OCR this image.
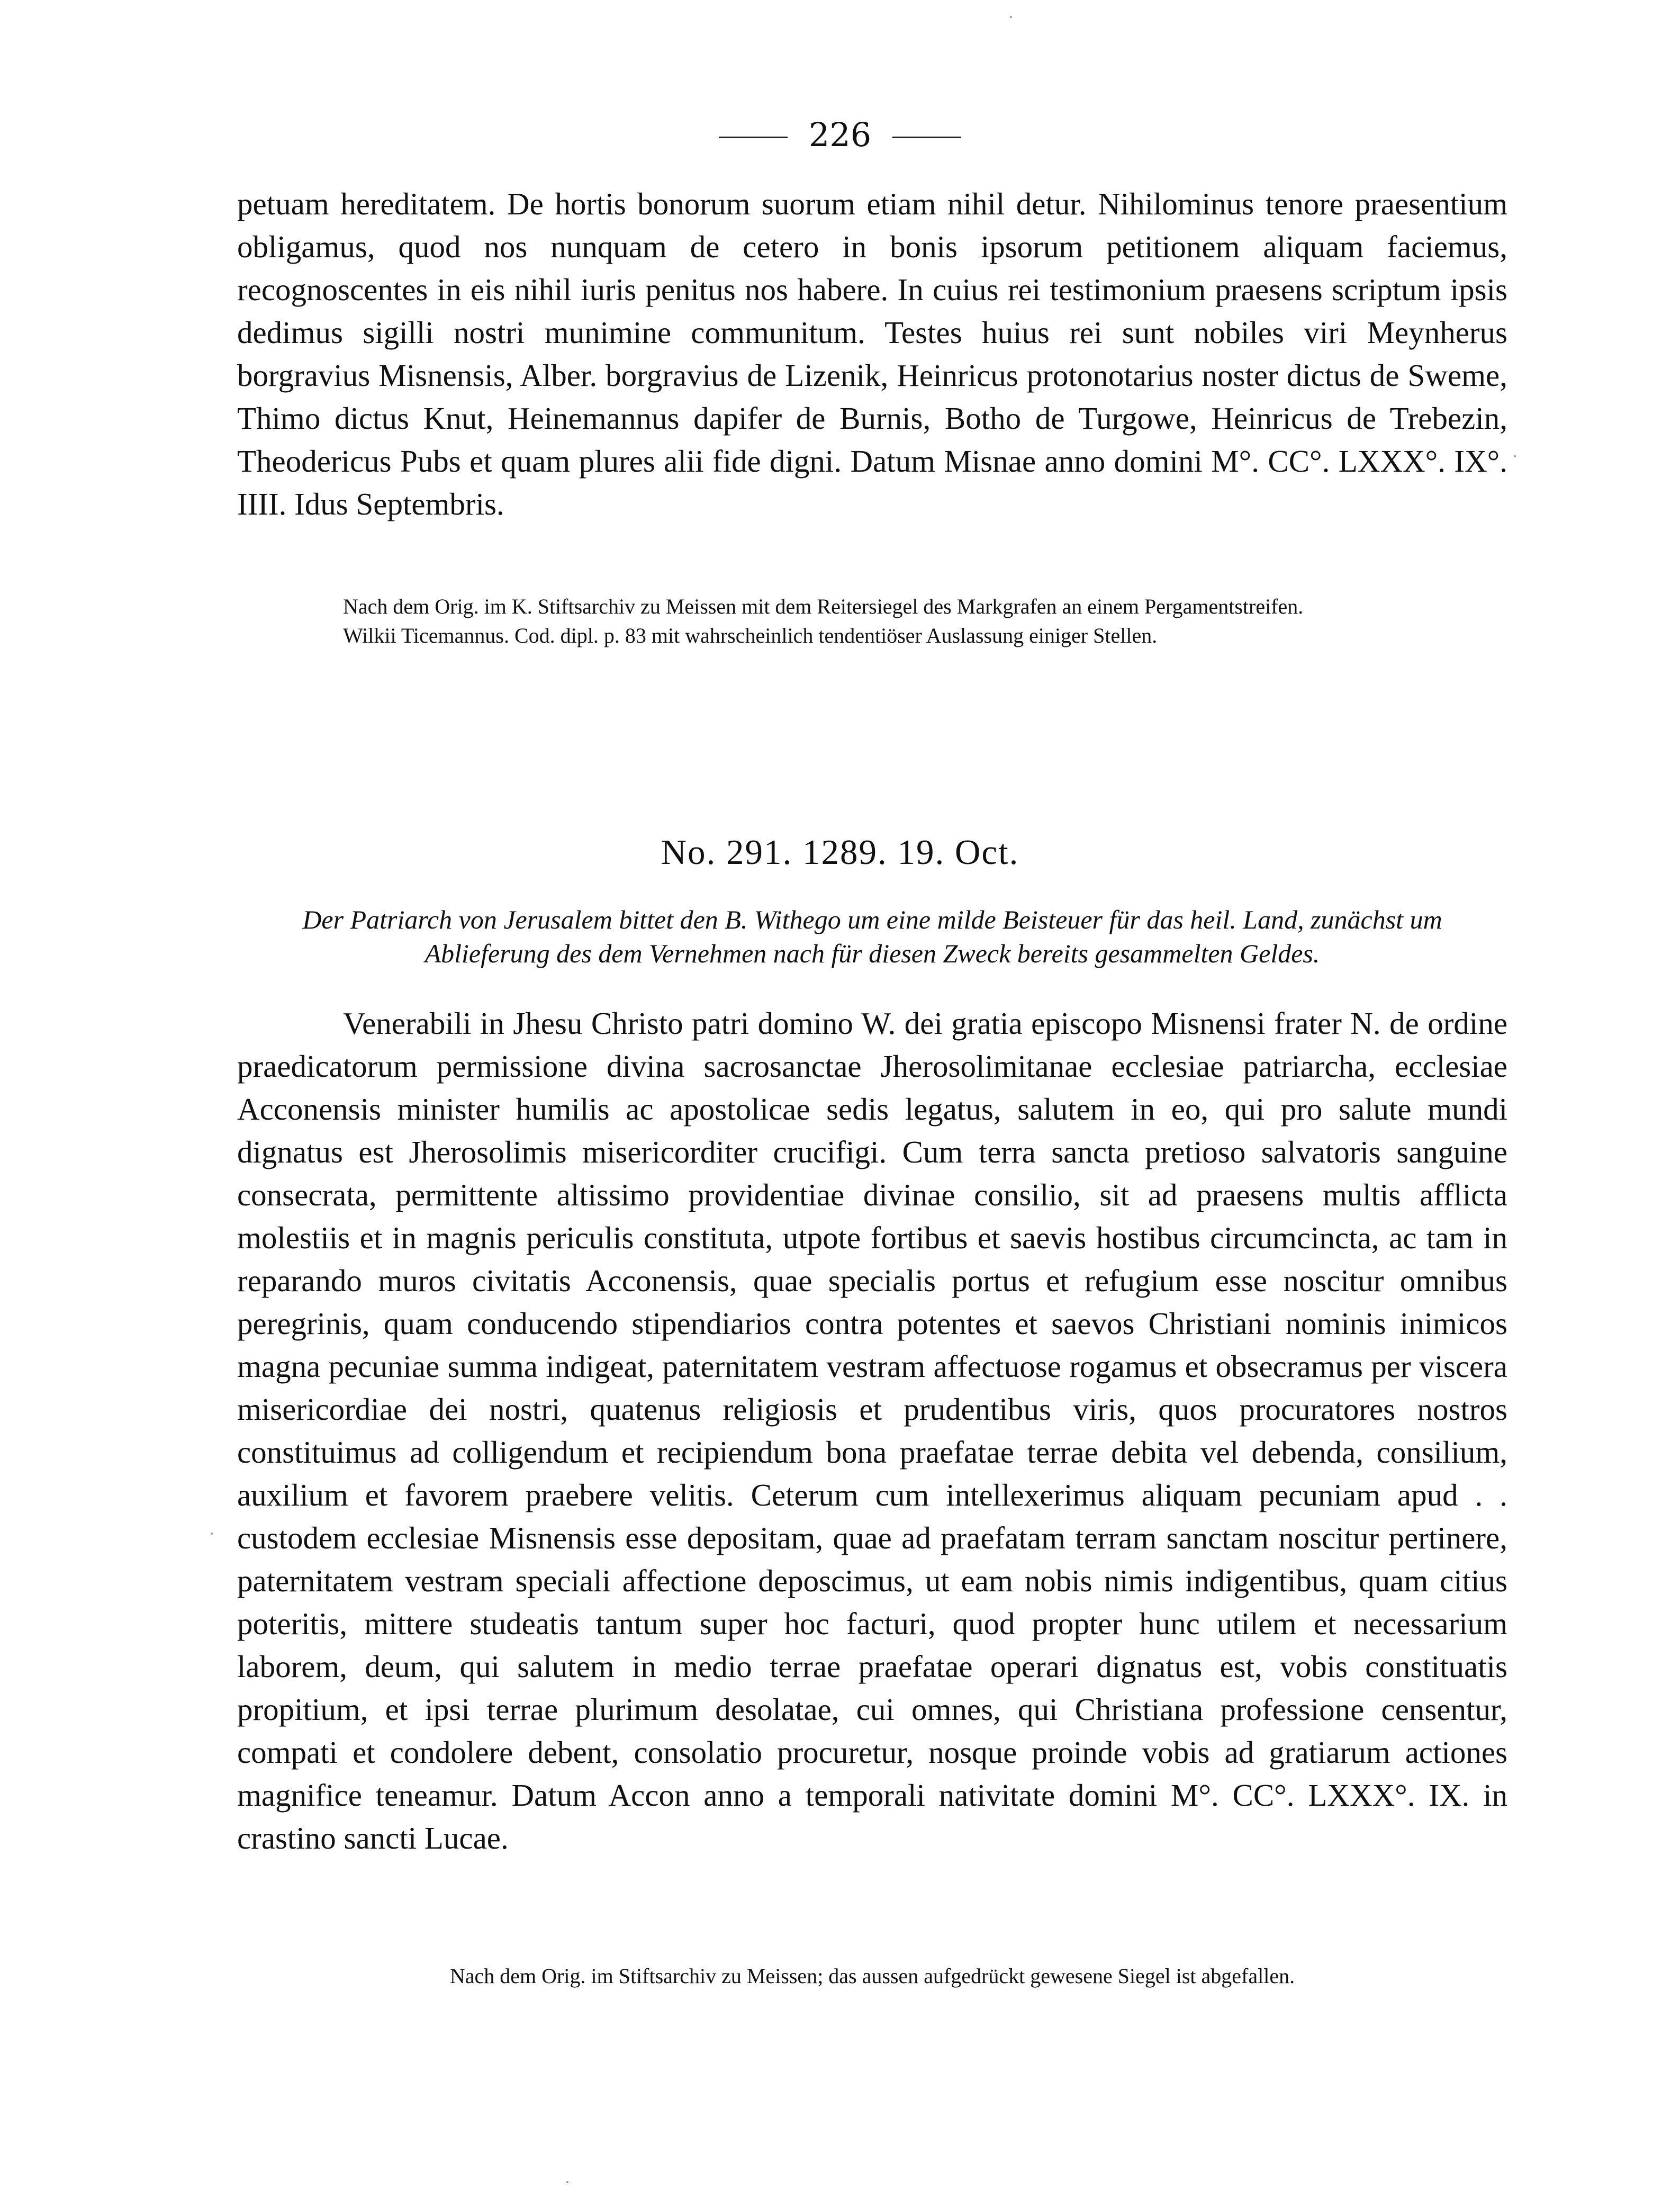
226

petuam hereditatem. De hortis bonorum suorum etiam nihil detur. Nihilominus tenore praesentium obligamus, quod nos nunquam de cetero in bonis ipsorum petitionem aliquam faciemus, recognoscentes in eis nihil iuris penitus nos habere. In cuius rei testimonium praesens scriptum ipsis dedimus sigilli nostri munimine communitum. Testes huius rei sunt nobiles viri Meynherus borgravius Misnensis, Alber. borgravius de Lizenik, Heinricus protonotarius noster dictus de Sweme, Thimo dictus Knut, Heinemannus dapifer de Burnis, Botho de Turgowe, Heinricus de Trebezin, Theodericus Pubs et quam plures alii fide digni. Datum Misnae anno domini M°. CC°. LXXX°. IX°. IIII. Idus Septembris.

Nach dem Orig. im K. Stiftsarchiv zu Meissen mit dem Reitersiegel des Markgrafen an einem Pergamentstreifen.

Wilkii Ticemannus. Cod. dipl. p. 83 mit wahrscheinlich tendentiöser Auslassung einiger Stellen.

No. 291. 1289. 19. Oct.
Der Patriarch von Jerusalem bittet den B. Withego um eine milde Beisteuer für das heil. Land, zunächst um Ablieferung des dem Vernehmen nach für diesen Zweck bereits gesammelten Geldes.

Venerabili in Jhesu Christo patri domino W. dei gratia episcopo Misnensi frater N. de ordine praedicatorum permissione divina sacrosanctae Jherosolimitanae ecclesiae patriarcha, ecclesiae Acconensis minister humilis ac apostolicae sedis legatus, salutem in eo, qui pro salute mundi dignatus est Jherosolimis misericorditer crucifigi. Cum terra sancta pretioso salvatoris sanguine consecrata, permittente altissimo providentiae divinae consilio, sit ad praesens multis afflicta molestiis et in magnis periculis constituta, utpote fortibus et saevis hostibus circumcincta, ac tam in reparando muros civitatis Acconensis, quae specialis portus et refugium esse noscitur omnibus peregrinis, quam conducendo stipendiarios contra potentes et saevos Christiani nominis inimicos magna pecuniae summa indigeat, paternitatem vestram affectuose rogamus et obsecramus per viscera misericordiae dei nostri, quatenus religiosis et prudentibus viris, quos procuratores nostros constituimus ad colligendum et recipiendum bona praefatae terrae debita vel debenda, consilium, auxilium et favorem praebere velitis. Ceterum cum intellexerimus aliquam pecuniam apud . . custodem ecclesiae Misnensis esse depositam, quae ad praefatam terram sanctam noscitur pertinere, paternitatem vestram speciali affectione deposcimus, ut eam nobis nimis indigentibus, quam citius poteritis, mittere studeatis tantum super hoc facturi, quod propter hunc utilem et necessarium laborem, deum, qui salutem in medio terrae praefatae operari dignatus est, vobis constituatis propitium, et ipsi terrae plurimum desolatae, cui omnes, qui Christiana professione censentur, compati et condolere debent, consolatio procuretur, nosque proinde vobis ad gratiarum actiones magnifice teneamur. Datum Accon anno a temporali nativitate domini M°. CC°. LXXX°. IX. in crastino sancti Lucae.

Nach dem Orig. im Stiftsarchiv zu Meissen; das aussen aufgedrückt gewesene Siegel ist abgefallen.
